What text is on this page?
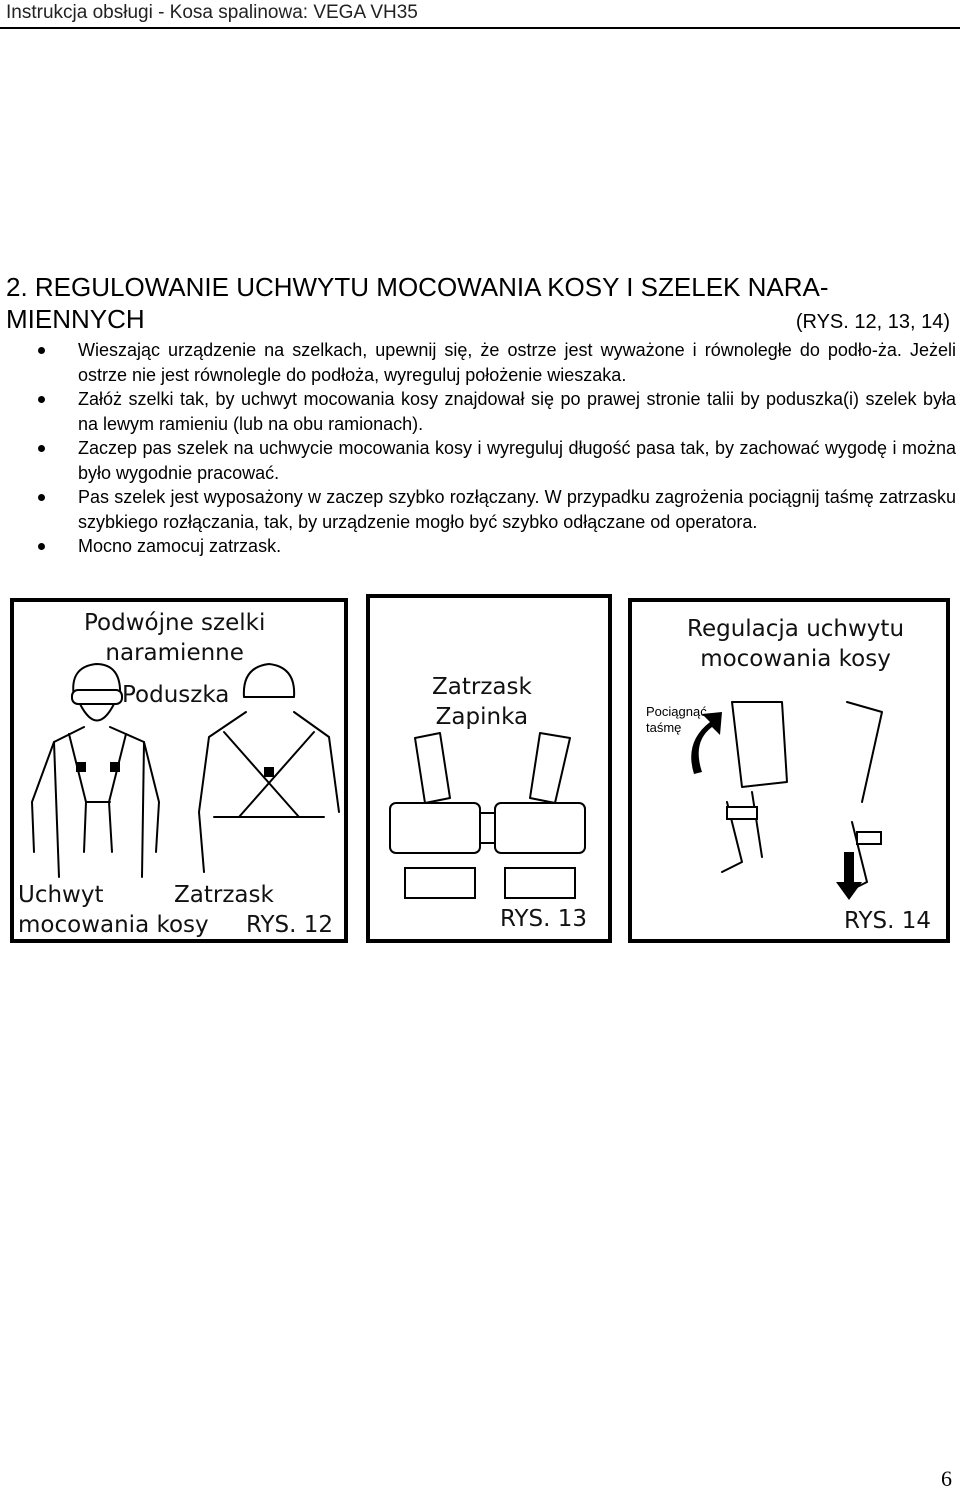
Instrukcja obsługi - Kosa spalinowa: VEGA VH35
2. REGULOWANIE UCHWYTU MOCOWANIA KOSY I SZELEK NARA-
MIENNYCH	(RYS. 12, 13, 14)
Wieszając urządzenie na szelkach, upewnij się, że ostrze jest wyważone i równoległe do podło-ża. Jeżeli ostrze nie jest równolegle do podłoża, wyreguluj położenie wieszaka.
Załóż szelki tak, by uchwyt mocowania kosy znajdował się po prawej stronie talii by poduszka(i) szelek była na lewym ramieniu (lub na obu ramionach).
Zaczep pas szelek na uchwycie mocowania kosy i wyreguluj długość pasa tak, by zachować wygodę i można było wygodnie pracować.
Pas szelek jest wyposażony w zaczep szybko rozłączany. W przypadku zagrożenia pociągnij taśmę zatrzasku szybkiego rozłączania, tak, by urządzenie mogło być szybko odłączane od operatora.
Mocno zamocuj zatrzask.
Podwójne szelki
naramienne
Poduszka
Uchwyt
mocowania kosy
Zatrzask
RYS. 12
Zatrzask
Zapinka
RYS. 13
Regulacja uchwytu
mocowania kosy
Pociągnąć
taśmę
RYS. 14
6
